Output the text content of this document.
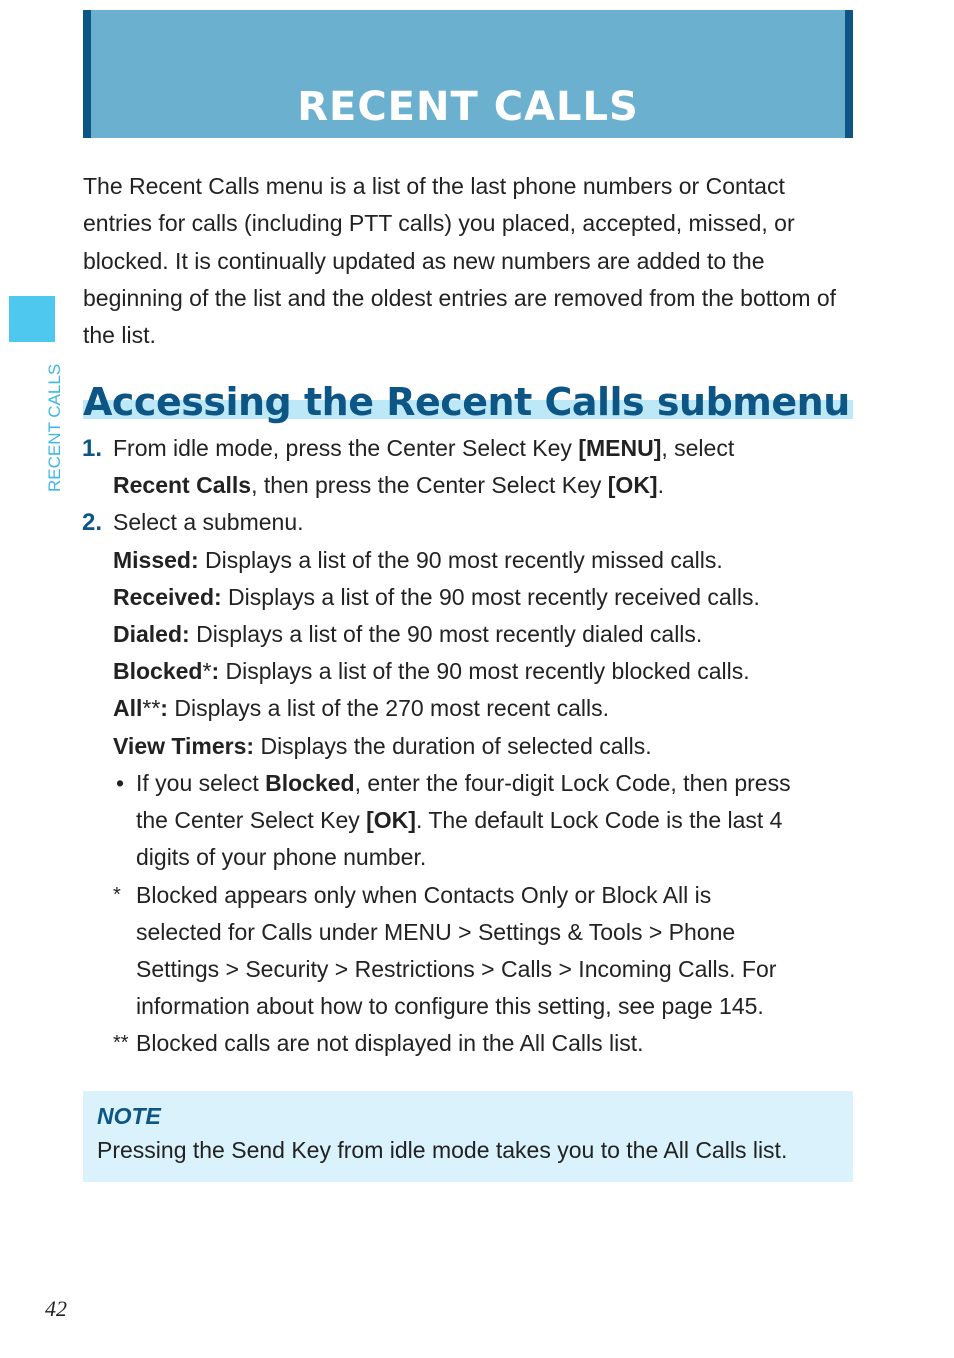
RECENT CALLS
RECENT CALLS

The Recent Calls menu is a list of the last phone numbers or Contact entries for calls (including PTT calls) you placed, accepted, missed, or blocked. It is continually updated as new numbers are added to the beginning of the list and the oldest entries are removed from the bottom of the list.

Accessing the Recent Calls submenu
1. From idle mode, press the Center Select Key [MENU], select

Recent Calls, then press the Center Select Key [OK].

2. Select a submenu.

Missed: Displays a list of the 90 most recently missed calls.

Received: Displays a list of the 90 most recently received calls.

Dialed: Displays a list of the 90 most recently dialed calls.

Blocked*: Displays a list of the 90 most recently blocked calls.

All**: Displays a list of the 270 most recent calls.

View Timers: Displays the duration of selected calls.

• If you select Blocked, enter the four-digit Lock Code, then press

the Center Select Key [OK]. The default Lock Code is the last 4

digits of your phone number.

* Blocked appears only when Contacts Only or Block All is

selected for Calls under MENU > Settings & Tools > Phone

Settings > Security > Restrictions > Calls > Incoming Calls. For

information about how to configure this setting, see page 145.

** Blocked calls are not displayed in the All Calls list.

NOTE
Pressing the Send Key from idle mode takes you to the All Calls list.
42
